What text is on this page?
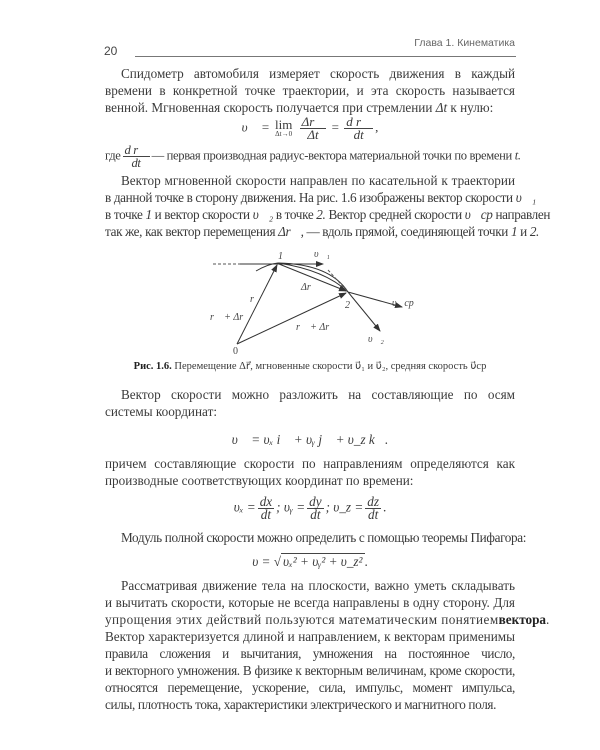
20
Глава 1. Кинематика
Спидометр автомобиля измеряет скорость движения в каждый
времени в конкретной точке траектории, и эта скорость называется
венной. Мгновенная скорость получается при стремлении Δt к нулю:
υ⃗ = lim
Δt→0
$\frac{\Delta r⃗}{\Delta t} = \frac{\text{d r⃗}}{dt}$ ,
где $\frac{\text{d r⃗}}{dt}$ — первая производная радиус-вектора материальной точки по времени t.
Вектор мгновенной скорости направлен по касательной к траектории
в данной точке в сторону движения. На рис. 1.6 изображены вектор скорости υ⃗₁
в точке 1 и вектор скорости υ⃗₂ в точке 2. Вектор средней скорости υ⃗ср направлен
так же, как вектор перемещения Δr⃗, — вдоль прямой, соединяющей точки 1 и 2.
1	υ⃗₁
r⃗
Δr⃗
2
r⃗ + Δr⃗
r⃗ + Δr⃗
υ⃗ср
υ⃗₂
0
Рис. 1.6. Перемещение Δr⃗, мгновенные скорости υ⃗₁ и υ⃗₂, средняя скорость υ⃗ср
Вектор скорости можно разложить на составляющие по осям
системы координат:
υ⃗ = υₓ i⃗ + υᵧ j⃗ + υ_z k⃗.
причем составляющие скорости по направлениям определяются как
производные соответствующих координат по времени:
$\upsilon_x = \frac{dx}{dt}$ ; υᵧ = $\frac{dy}{dt}$ ; υ_z = $\frac{dz}{dt}$ .
Модуль полной скорости можно определить с помощью теоремы Пифагора:
υ = √ υₓ² + υᵧ² + υ_z² .
Рассматривая движение тела на плоскости, важно уметь складывать
и вычитать скорости, которые не всегда направлены в одну сторону. Для
упрощения этих действий пользуются математическим понятием вектора.
Вектор характеризуется длиной и направлением, к векторам применимы
правила сложения и вычитания, умножения на постоянное число,
и векторного умножения. В физике к векторным величинам, кроме скорости,
относятся перемещение, ускорение, сила, импульс, момент импульса,
силы, плотность тока, характеристики электрического и магнитного поля.
